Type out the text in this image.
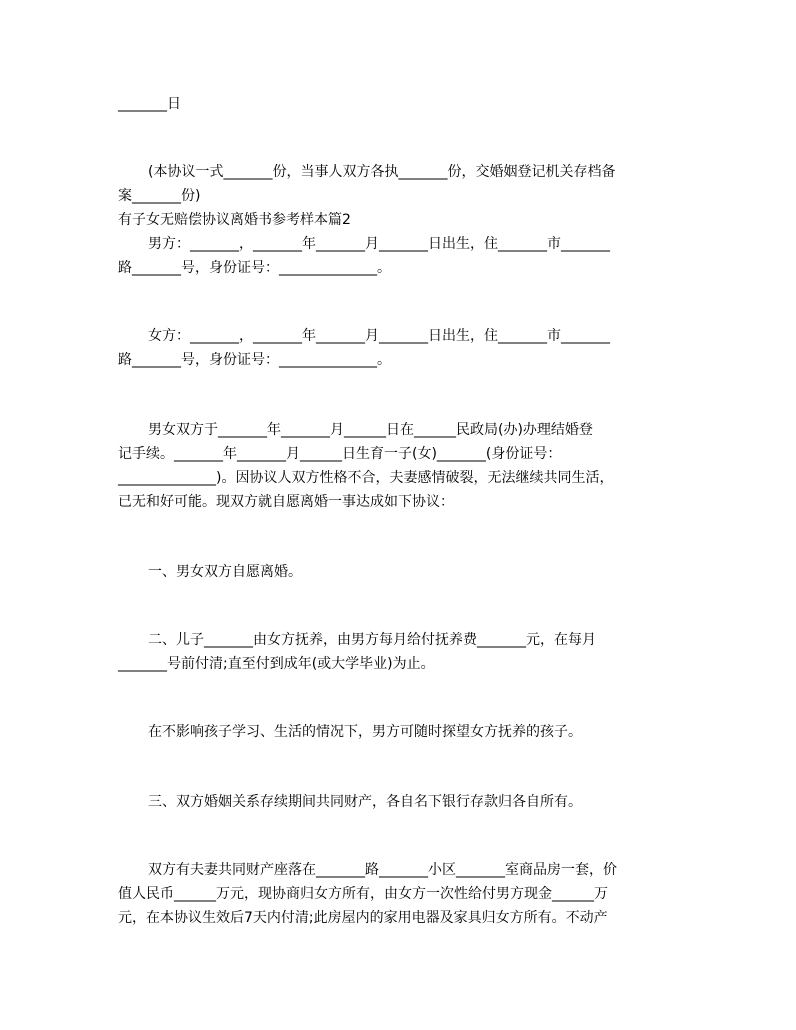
_______日
(本协议一式_______份，当事人双方各执_______份，交婚姻登记机关存档备
案_______份)
有子女无赔偿协议离婚书参考样本篇2
男方：_______，_______年_______月_______日出生，住_______市_______
路_______号，身份证号：______________。
女方：_______，_______年_______月_______日出生，住_______市_______
路_______号，身份证号：______________。
男女双方于_______年_______月______日在______民政局(办)办理结婚登
记手续。_______年_______月______日生育一子(女)_______(身份证号：
______________)。因协议人双方性格不合，夫妻感情破裂，无法继续共同生活，
已无和好可能。现双方就自愿离婚一事达成如下协议：
一、男女双方自愿离婚。
二、儿子_______由女方抚养，由男方每月给付抚养费_______元，在每月
_______号前付清;直至付到成年(或大学毕业)为止。
在不影响孩子学习、生活的情况下，男方可随时探望女方抚养的孩子。
三、双方婚姻关系存续期间共同财产，各自名下银行存款归各自所有。
双方有夫妻共同财产座落在_______路_______小区_______室商品房一套，价
值人民币______万元，现协商归女方所有，由女方一次性给付男方现金______万
元，在本协议生效后7天内付清;此房屋内的家用电器及家具归女方所有。不动产
